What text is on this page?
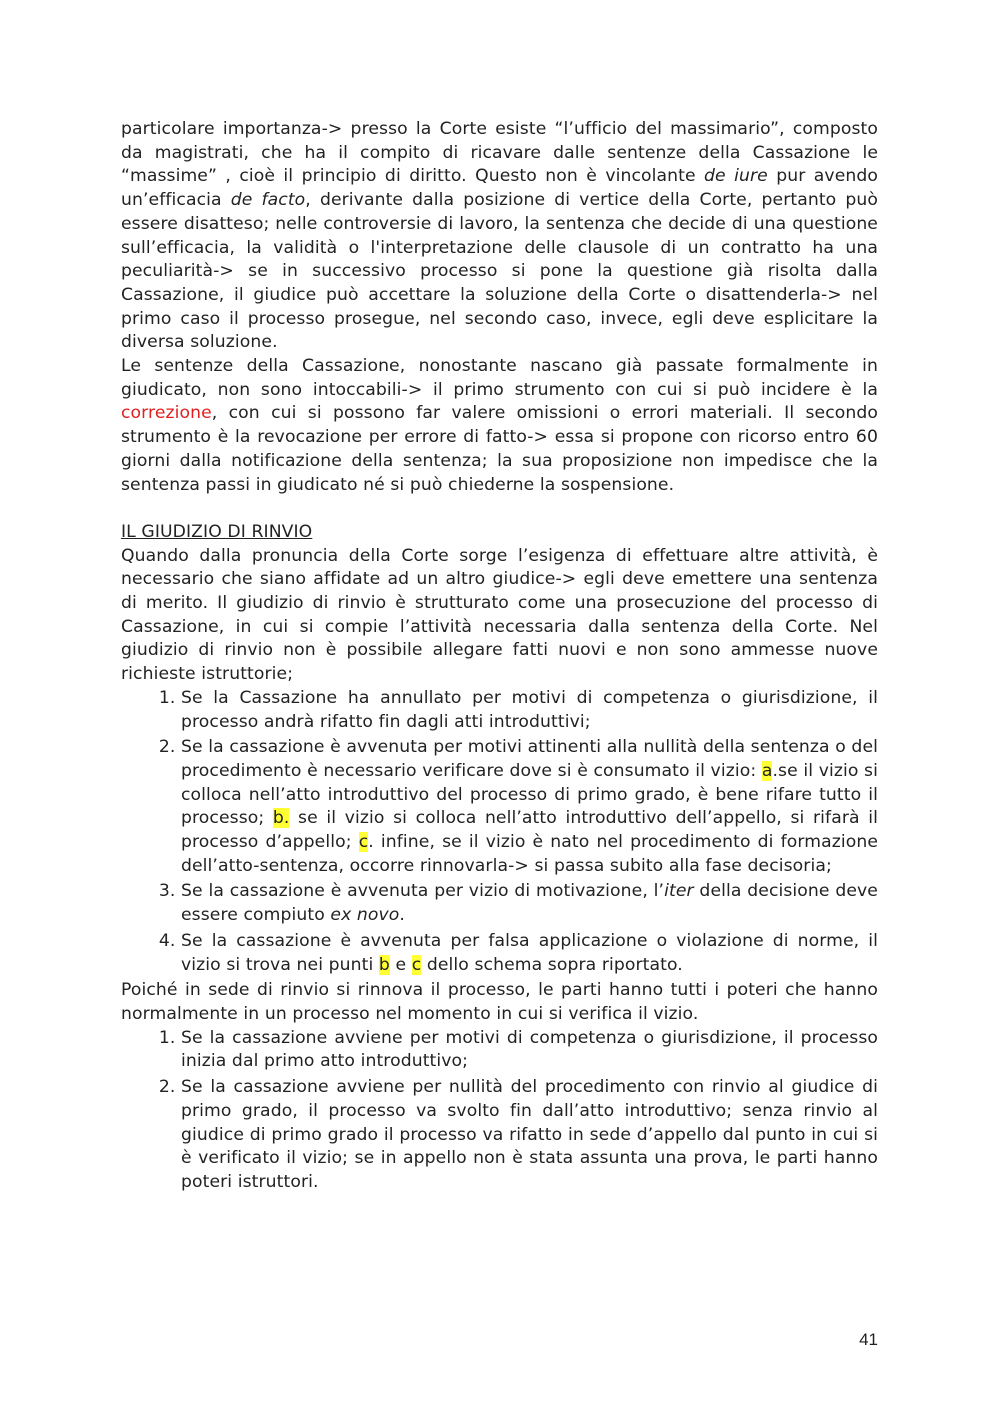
particolare importanza-> presso la Corte esiste “l’ufficio del massimario”, composto da magistrati, che ha il compito di ricavare dalle sentenze della Cassazione le “massime” , cioè il principio di diritto. Questo non è vincolante de iure pur avendo un’efficacia de facto, derivante dalla posizione di vertice della Corte, pertanto può essere disatteso; nelle controversie di lavoro, la sentenza che decide di una questione sull’efficacia, la validità o l'interpretazione delle clausole di un contratto ha una peculiarità-> se in successivo processo si pone la questione già risolta dalla Cassazione, il giudice può accettare la soluzione della Corte o disattenderla-> nel primo caso il processo prosegue, nel secondo caso, invece, egli deve esplicitare la diversa soluzione.

Le sentenze della Cassazione, nonostante nascano già passate formalmente in giudicato, non sono intoccabili-> il primo strumento con cui si può incidere è la correzione, con cui si possono far valere omissioni o errori materiali. Il secondo strumento è la revocazione per errore di fatto-> essa si propone con ricorso entro 60 giorni dalla notificazione della sentenza; la sua proposizione non impedisce che la sentenza passi in giudicato né si può chiederne la sospensione.

IL GIUDIZIO DI RINVIO

Quando dalla pronuncia della Corte sorge l’esigenza di effettuare altre attività, è necessario che siano affidate ad un altro giudice-> egli deve emettere una sentenza di merito. Il giudizio di rinvio è strutturato come una prosecuzione del processo di Cassazione, in cui si compie l’attività necessaria dalla sentenza della Corte. Nel giudizio di rinvio non è possibile allegare fatti nuovi e non sono ammesse nuove richieste istruttorie;

1. Se la Cassazione ha annullato per motivi di competenza o giurisdizione, il processo andrà rifatto fin dagli atti introduttivi;
2. Se la cassazione è avvenuta per motivi attinenti alla nullità della sentenza o del procedimento è necessario verificare dove si è consumato il vizio: a.se il vizio si colloca nell’atto introduttivo del processo di primo grado, è bene rifare tutto il processo; b. se il vizio si colloca nell’atto introduttivo dell’appello, si rifarà il processo d’appello; c. infine, se il vizio è nato nel procedimento di formazione dell’atto-sentenza, occorre rinnovarla-> si passa subito alla fase decisoria;
3. Se la cassazione è avvenuta per vizio di motivazione, l’iter della decisione deve essere compiuto ex novo.
4. Se la cassazione è avvenuta per falsa applicazione o violazione di norme, il vizio si trova nei punti b e c dello schema sopra riportato.

Poiché in sede di rinvio si rinnova il processo, le parti hanno tutti i poteri che hanno normalmente in un processo nel momento in cui si verifica il vizio.

1. Se la cassazione avviene per motivi di competenza o giurisdizione, il processo inizia dal primo atto introduttivo;
2. Se la cassazione avviene per nullità del procedimento con rinvio al giudice di primo grado, il processo va svolto fin dall’atto introduttivo; senza rinvio al giudice di primo grado il processo va rifatto in sede d’appello dal punto in cui si è verificato il vizio; se in appello non è stata assunta una prova, le parti hanno poteri istruttori.
41
